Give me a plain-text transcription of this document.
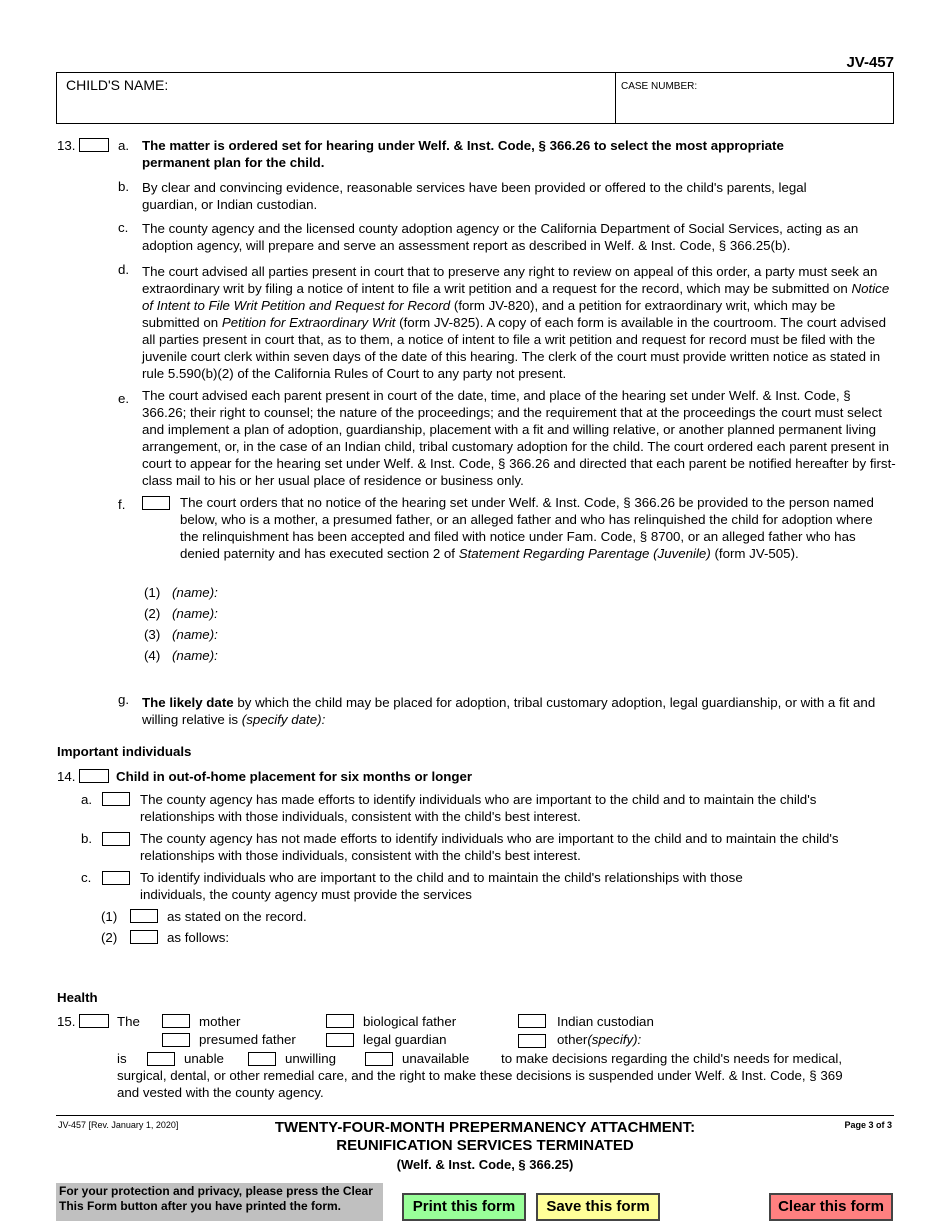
JV-457
CHILD'S NAME:	CASE NUMBER:
13.	a. The matter is ordered set for hearing under Welf. & Inst. Code, § 366.26 to select the most appropriate permanent plan for the child.
b. By clear and convincing evidence, reasonable services have been provided or offered to the child's parents, legal guardian, or Indian custodian.
c. The county agency and the licensed county adoption agency or the California Department of Social Services, acting as an adoption agency, will prepare and serve an assessment report as described in Welf. & Inst. Code, § 366.25(b).
d. The court advised all parties present in court that to preserve any right to review on appeal of this order, a party must seek an extraordinary writ by filing a notice of intent to file a writ petition and a request for the record, which may be submitted on Notice of Intent to File Writ Petition and Request for Record (form JV-820), and a petition for extraordinary writ, which may be submitted on Petition for Extraordinary Writ (form JV-825). A copy of each form is available in the courtroom. The court advised all parties present in court that, as to them, a notice of intent to file a writ petition and request for record must be filed with the juvenile court clerk within seven days of the date of this hearing. The clerk of the court must provide written notice as stated in rule 5.590(b)(2) of the California Rules of Court to any party not present.
e. The court advised each parent present in court of the date, time, and place of the hearing set under Welf. & Inst. Code, § 366.26; their right to counsel; the nature of the proceedings; and the requirement that at the proceedings the court must select and implement a plan of adoption, guardianship, placement with a fit and willing relative, or another planned permanent living arrangement, or, in the case of an Indian child, tribal customary adoption for the child. The court ordered each parent present in court to appear for the hearing set under Welf. & Inst. Code, § 366.26 and directed that each parent be notified hereafter by first-class mail to his or her usual place of residence or business only.
f.	The court orders that no notice of the hearing set under Welf. & Inst. Code, § 366.26 be provided to the person named below, who is a mother, a presumed father, or an alleged father and who has relinquished the child for adoption where the relinquishment has been accepted and filed with notice under Fam. Code, § 8700, or an alleged father who has denied paternity and has executed section 2 of Statement Regarding Parentage (Juvenile) (form JV-505).
(1) (name):
(2) (name):
(3) (name):
(4) (name):
g. The likely date by which the child may be placed for adoption, tribal customary adoption, legal guardianship, or with a fit and willing relative is (specify date):
Important individuals
14.	Child in out-of-home placement for six months or longer
a.	The county agency has made efforts to identify individuals who are important to the child and to maintain the child's relationships with those individuals, consistent with the child's best interest.
b.	The county agency has not made efforts to identify individuals who are important to the child and to maintain the child's relationships with those individuals, consistent with the child's best interest.
c.	To identify individuals who are important to the child and to maintain the child's relationships with those individuals, the county agency must provide the services
(1)	as stated on the record.
(2)	as follows:
Health
15.	The	mother	biological father	Indian custodian
presumed father	legal guardian	other(specify):
is	unable	unwilling	unavailable to make decisions regarding the child's needs for medical,
surgical, dental, or other remedial care, and the right to make these decisions is suspended under Welf. & Inst. Code, § 369
and vested with the county agency.
JV-457 [Rev. January 1, 2020]	TWENTY-FOUR-MONTH PREPERMANENCY ATTACHMENT:
REUNIFICATION SERVICES TERMINATED
(Welf. & Inst. Code, § 366.25)
Page 3 of 3
For your protection and privacy, please press the Clear This Form button after you have printed the form.	Print this form	Save this form	Clear this form
